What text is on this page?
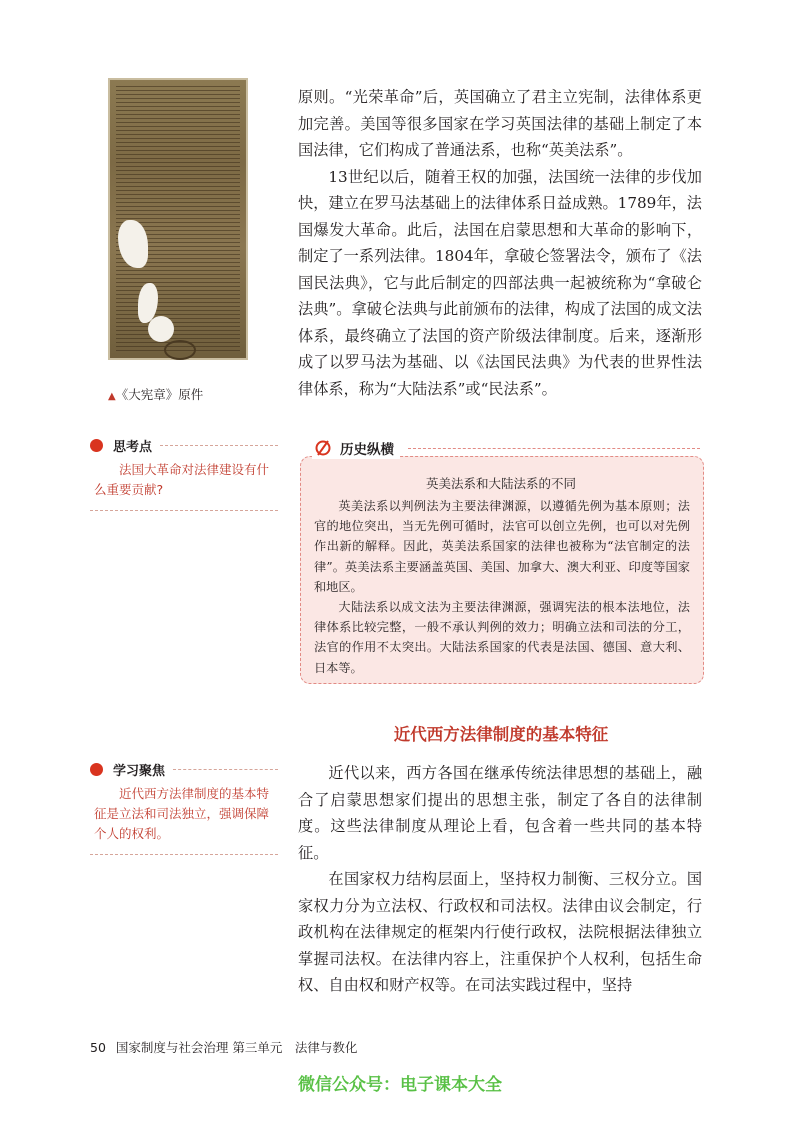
▲《大宪章》原件

原则。“光荣革命”后，英国确立了君主立宪制，法律体系更加完善。美国等很多国家在学习英国法律的基础上制定了本国法律，它们构成了普通法系，也称“英美法系”。

13世纪以后，随着王权的加强，法国统一法律的步伐加快，建立在罗马法基础上的法律体系日益成熟。1789年，法国爆发大革命。此后，法国在启蒙思想和大革命的影响下，制定了一系列法律。1804年，拿破仑签署法令，颁布了《法国民法典》，它与此后制定的四部法典一起被统称为“拿破仑法典”。拿破仑法典与此前颁布的法律，构成了法国的成文法体系，最终确立了法国的资产阶级法律制度。后来，逐渐形成了以罗马法为基础、以《法国民法典》为代表的世界性法律体系，称为“大陆法系”或“民法系”。

思考点
法国大革命对法律建设有什么重要贡献?
历史纵横
英美法系和大陆法系的不同

英美法系以判例法为主要法律渊源，以遵循先例为基本原则；法官的地位突出，当无先例可循时，法官可以创立先例，也可以对先例作出新的解释。因此，英美法系国家的法律也被称为“法官制定的法律”。英美法系主要涵盖英国、美国、加拿大、澳大利亚、印度等国家和地区。

大陆法系以成文法为主要法律渊源，强调宪法的根本法地位，法律体系比较完整，一般不承认判例的效力；明确立法和司法的分工，法官的作用不太突出。大陆法系国家的代表是法国、德国、意大利、日本等。

近代西方法律制度的基本特征
学习聚焦
近代西方法律制度的基本特征是立法和司法独立，强调保障个人的权利。

近代以来，西方各国在继承传统法律思想的基础上，融合了启蒙思想家们提出的思想主张，制定了各自的法律制度。这些法律制度从理论上看，包含着一些共同的基本特征。

在国家权力结构层面上，坚持权力制衡、三权分立。国家权力分为立法权、行政权和司法权。法律由议会制定，行政机构在法律规定的框架内行使行政权，法院根据法律独立掌握司法权。在法律内容上，注重保护个人权利，包括生命权、自由权和财产权等。在司法实践过程中，坚持

50 国家制度与社会治理 第三单元　法律与教化
微信公众号：电子课本大全
